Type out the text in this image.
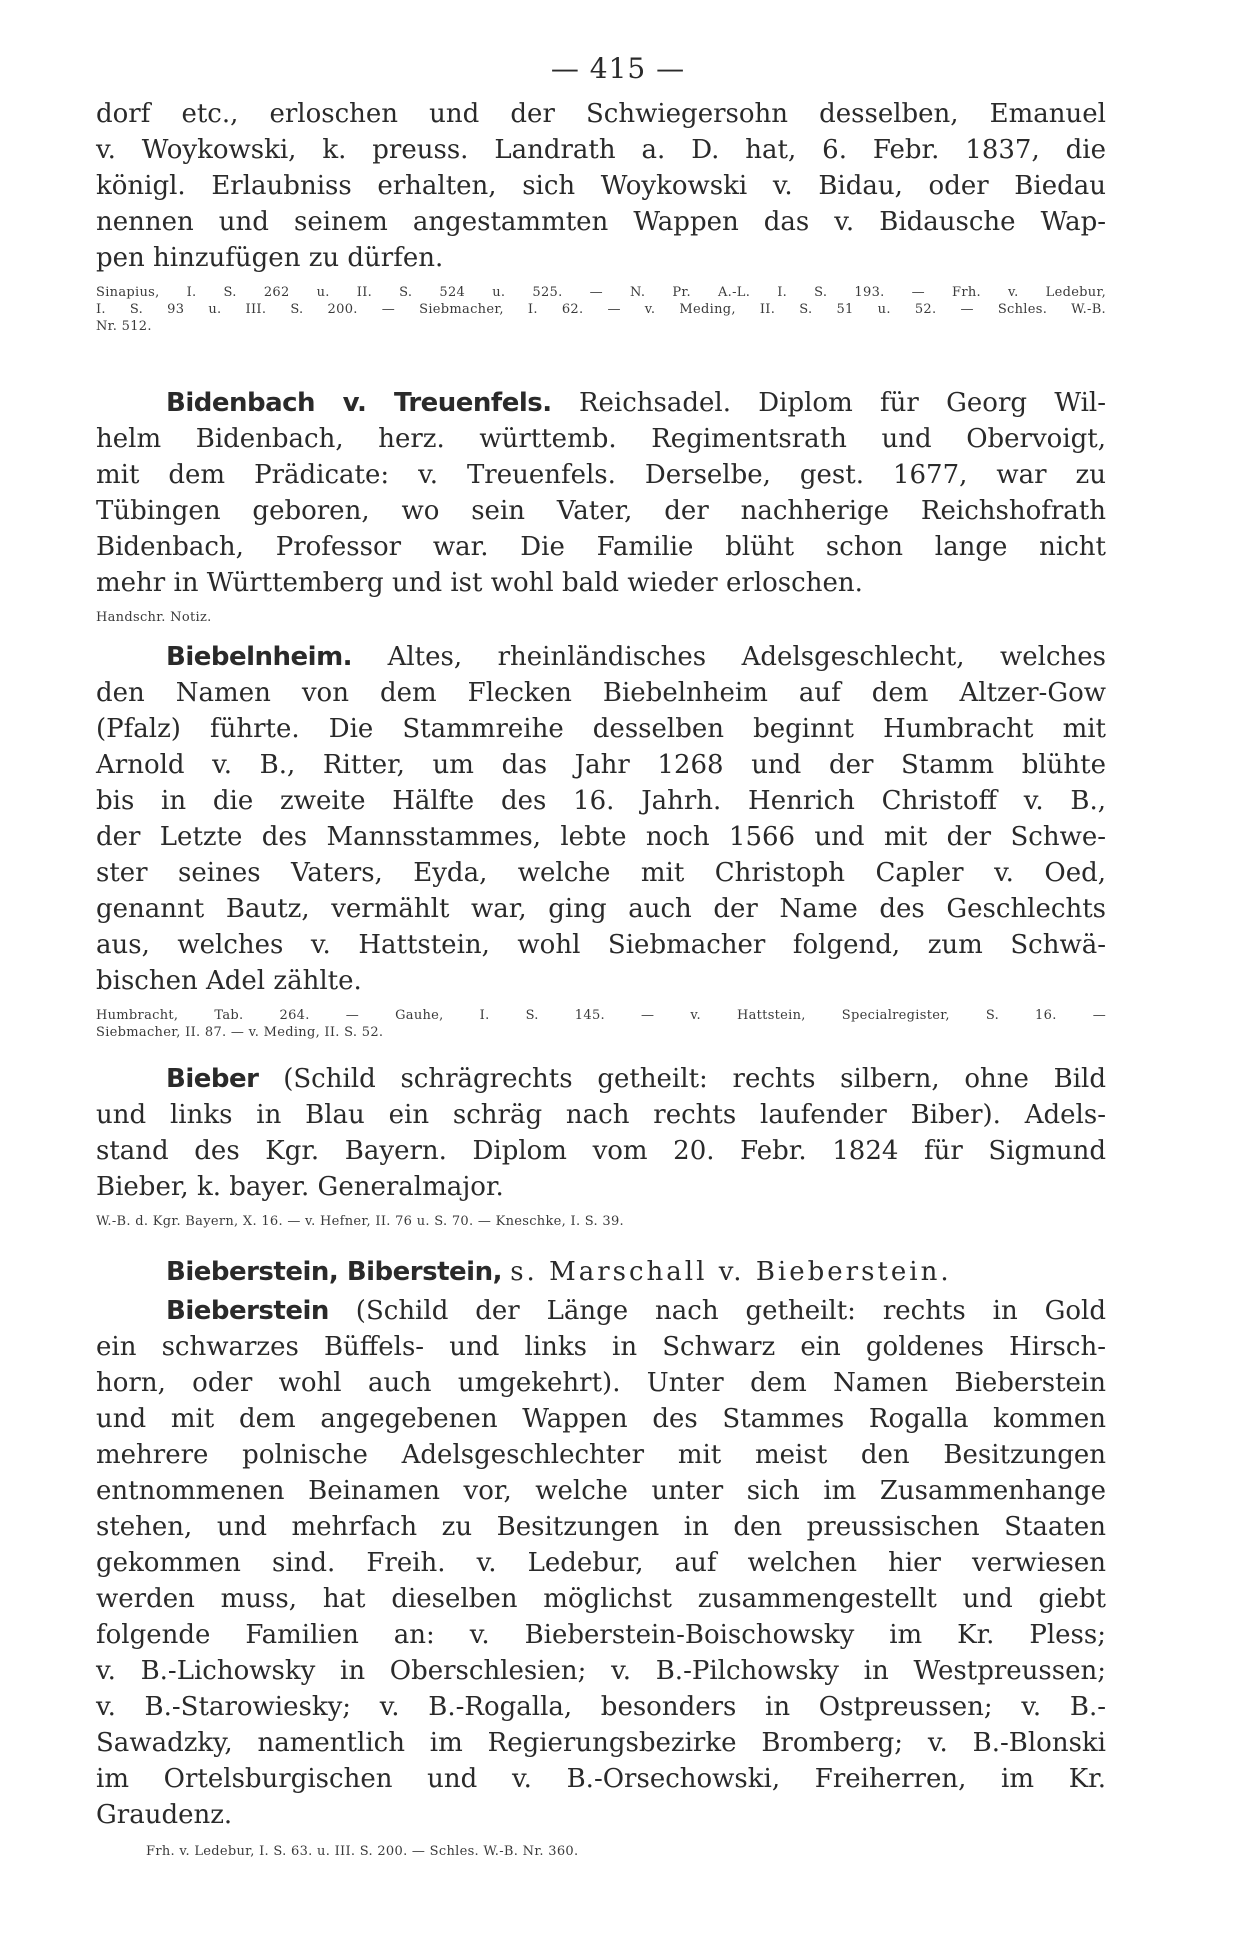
— 415 —
dorf etc., erloschen und der Schwiegersohn desselben, Emanuel
v. Woykowski, k. preuss. Landrath a. D. hat, 6. Febr. 1837, die
königl. Erlaubniss erhalten, sich Woykowski v. Bidau, oder Biedau
nennen und seinem angestammten Wappen das v. Bidausche Wap-
pen hinzufügen zu dürfen.
Sinapius, I. S. 262 u. II. S. 524 u. 525. — N. Pr. A.-L. I. S. 193. — Frh. v. Ledebur,
I. S. 93 u. III. S. 200. — Siebmacher, I. 62. — v. Meding, II. S. 51 u. 52. — Schles. W.-B.
Nr. 512.
Bidenbach v. Treuenfels. Reichsadel. Diplom für Georg Wil-
helm Bidenbach, herz. württemb. Regimentsrath und Obervoigt,
mit dem Prädicate: v. Treuenfels. Derselbe, gest. 1677, war zu
Tübingen geboren, wo sein Vater, der nachherige Reichshofrath
Bidenbach, Professor war. Die Familie blüht schon lange nicht
mehr in Württemberg und ist wohl bald wieder erloschen.
Handschr. Notiz.
Biebelnheim. Altes, rheinländisches Adelsgeschlecht, welches
den Namen von dem Flecken Biebelnheim auf dem Altzer-Gow
(Pfalz) führte. Die Stammreihe desselben beginnt Humbracht mit
Arnold v. B., Ritter, um das Jahr 1268 und der Stamm blühte
bis in die zweite Hälfte des 16. Jahrh. Henrich Christoff v. B.,
der Letzte des Mannsstammes, lebte noch 1566 und mit der Schwe-
ster seines Vaters, Eyda, welche mit Christoph Capler v. Oed,
genannt Bautz, vermählt war, ging auch der Name des Geschlechts
aus, welches v. Hattstein, wohl Siebmacher folgend, zum Schwä-
bischen Adel zählte.
Humbracht, Tab. 264. — Gauhe, I. S. 145. — v. Hattstein, Specialregister, S. 16. —
Siebmacher, II. 87. — v. Meding, II. S. 52.
Bieber (Schild schrägrechts getheilt: rechts silbern, ohne Bild
und links in Blau ein schräg nach rechts laufender Biber). Adels-
stand des Kgr. Bayern. Diplom vom 20. Febr. 1824 für Sigmund
Bieber, k. bayer. Generalmajor.
W.-B. d. Kgr. Bayern, X. 16. — v. Hefner, II. 76 u. S. 70. — Kneschke, I. S. 39.
Bieberstein, Biberstein, s. Marschall v. Bieberstein.
Bieberstein (Schild der Länge nach getheilt: rechts in Gold
ein schwarzes Büffels- und links in Schwarz ein goldenes Hirsch-
horn, oder wohl auch umgekehrt). Unter dem Namen Bieberstein
und mit dem angegebenen Wappen des Stammes Rogalla kommen
mehrere polnische Adelsgeschlechter mit meist den Besitzungen
entnommenen Beinamen vor, welche unter sich im Zusammenhange
stehen, und mehrfach zu Besitzungen in den preussischen Staaten
gekommen sind. Freih. v. Ledebur, auf welchen hier verwiesen
werden muss, hat dieselben möglichst zusammengestellt und giebt
folgende Familien an: v. Bieberstein-Boischowsky im Kr. Pless;
v. B.-Lichowsky in Oberschlesien; v. B.-Pilchowsky in Westpreussen;
v. B.-Starowiesky; v. B.-Rogalla, besonders in Ostpreussen; v. B.-
Sawadzky, namentlich im Regierungsbezirke Bromberg; v. B.-Blonski
im Ortelsburgischen und v. B.-Orsechowski, Freiherren, im Kr.
Graudenz.
Frh. v. Ledebur, I. S. 63. u. III. S. 200. — Schles. W.-B. Nr. 360.
